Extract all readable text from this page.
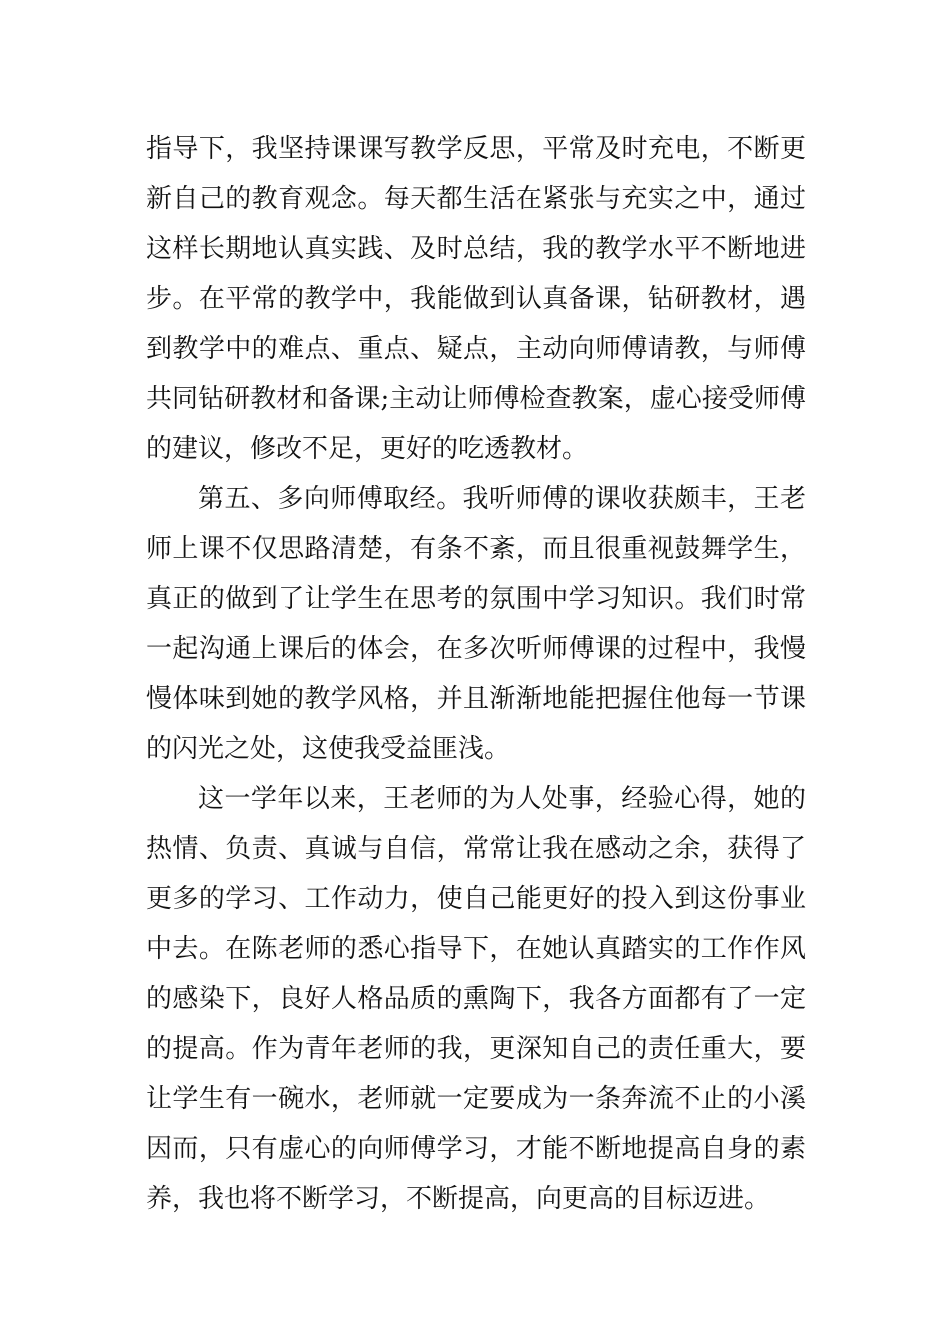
指导下，我坚持课课写教学反思，平常及时充电，不断更新自己的教育观念。每天都生活在紧张与充实之中，通过这样长期地认真实践、及时总结，我的教学水平不断地进步。在平常的教学中，我能做到认真备课，钻研教材，遇到教学中的难点、重点、疑点，主动向师傅请教，与师傅共同钻研教材和备课;主动让师傅检查教案，虚心接受师傅的建议，修改不足，更好的吃透教材。

第五、多向师傅取经。我听师傅的课收获颇丰，王老师上课不仅思路清楚，有条不紊，而且很重视鼓舞学生，真正的做到了让学生在思考的氛围中学习知识。我们时常一起沟通上课后的体会，在多次听师傅课的过程中，我慢慢体味到她的教学风格，并且渐渐地能把握住他每一节课的闪光之处，这使我受益匪浅。

这一学年以来，王老师的为人处事，经验心得，她的热情、负责、真诚与自信，常常让我在感动之余，获得了更多的学习、工作动力，使自己能更好的投入到这份事业中去。在陈老师的悉心指导下，在她认真踏实的工作作风的感染下，良好人格品质的熏陶下，我各方面都有了一定的提高。作为青年老师的我，更深知自己的责任重大，要让学生有一碗水，老师就一定要成为一条奔流不止的小溪因而，只有虚心的向师傅学习，才能不断地提高自身的素养，我也将不断学习，不断提高，向更高的目标迈进。
